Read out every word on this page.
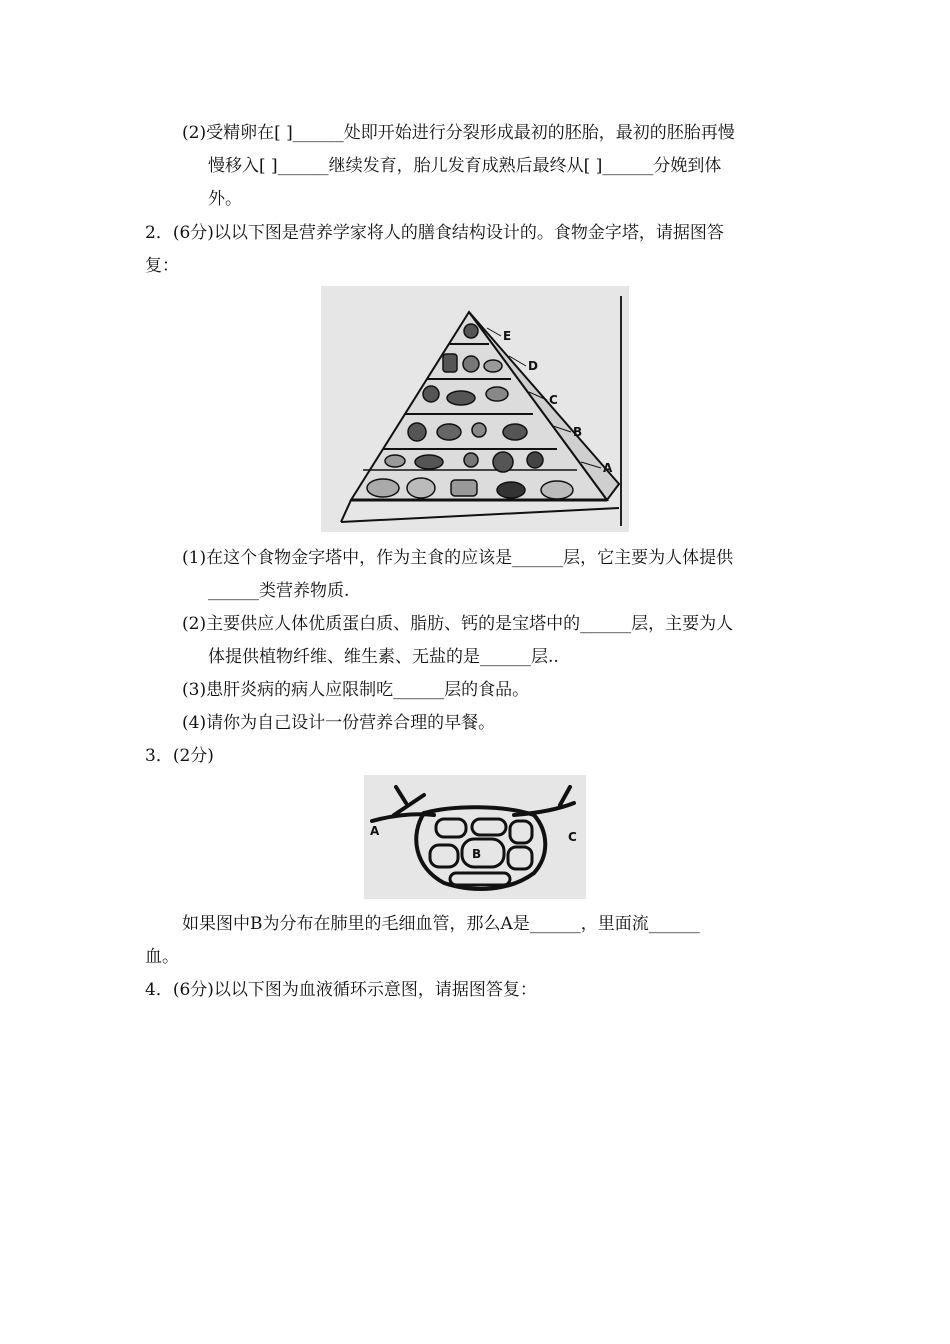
(2)受精卵在[ ]______处即开始进行分裂形成最初的胚胎，最初的胚胎再慢
慢移入[ ]______继续发育，胎儿发育成熟后最终从[ ]______分娩到体
外。
2．(6分)以以下图是营养学家将人的膳食结构设计的。食物金字塔，请据图答
复：
E
D
C
B
A
(1)在这个食物金字塔中，作为主食的应该是______层，它主要为人体提供
______类营养物质.
(2)主要供应人体优质蛋白质、脂肪、钙的是宝塔中的______层，主要为人
体提供植物纤维、维生素、无盐的是______层..
(3)患肝炎病的病人应限制吃______层的食品。
(4)请你为自己设计一份营养合理的早餐。
3．(2分)
A
B
C
如果图中B为分布在肺里的毛细血管，那么A是______，里面流______
血。
4．(6分)以以下图为血液循环示意图，请据图答复：
